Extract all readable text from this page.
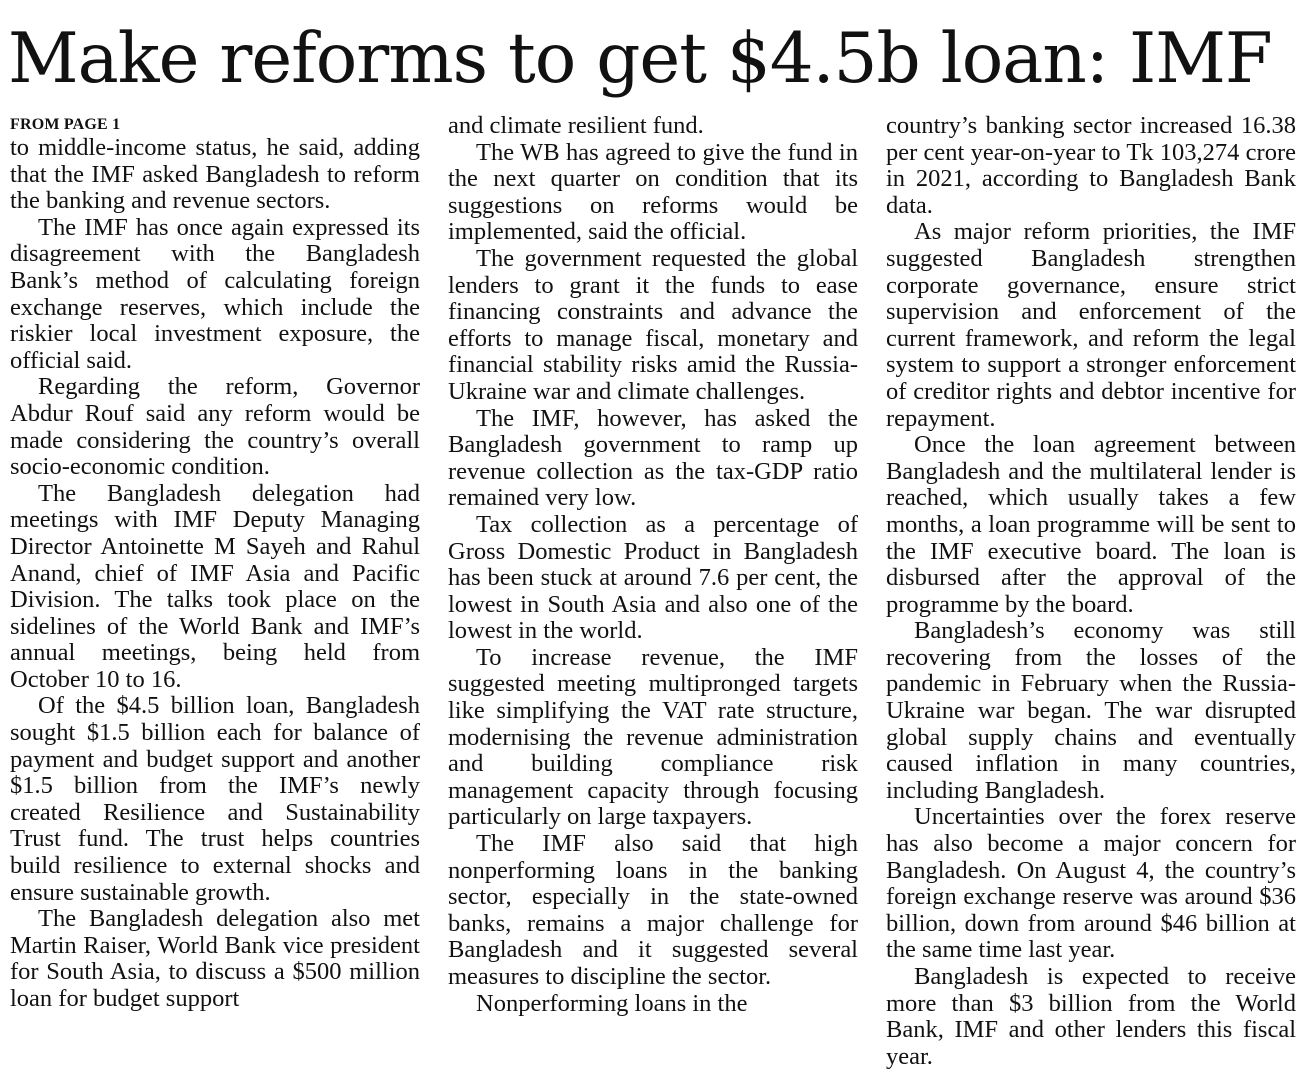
Make reforms to get $4.5b loan: IMF
FROM PAGE 1

to middle-income status, he said, adding that the IMF asked Bangladesh to reform the banking and revenue sectors.

The IMF has once again expressed its disagreement with the Bangladesh Bank’s method of calculating foreign exchange reserves, which include the riskier local investment exposure, the official said.

Regarding the reform, Governor Abdur Rouf said any reform would be made considering the country’s overall socio-economic condition.

The Bangladesh delegation had meetings with IMF Deputy Managing Director Antoinette M Sayeh and Rahul Anand, chief of IMF Asia and Pacific Division. The talks took place on the sidelines of the World Bank and IMF’s annual meetings, being held from October 10 to 16.

Of the $4.5 billion loan, Bangladesh sought $1.5 billion each for balance of payment and budget support and another $1.5 billion from the IMF’s newly created Resilience and Sustainability Trust fund. The trust helps countries build resilience to external shocks and ensure sustainable growth.

The Bangladesh delegation also met Martin Raiser, World Bank vice president for South Asia, to discuss a $500 million loan for budget support

and climate resilient fund.

The WB has agreed to give the fund in the next quarter on condition that its suggestions on reforms would be implemented, said the official.

The government requested the global lenders to grant it the funds to ease financing constraints and advance the efforts to manage fiscal, monetary and financial stability risks amid the Russia-Ukraine war and climate challenges.

The IMF, however, has asked the Bangladesh government to ramp up revenue collection as the tax-GDP ratio remained very low.

Tax collection as a percentage of Gross Domestic Product in Bangladesh has been stuck at around 7.6 per cent, the lowest in South Asia and also one of the lowest in the world.

To increase revenue, the IMF suggested meeting multipronged targets like simplifying the VAT rate structure, modernising the revenue administration and building compliance risk management capacity through focusing particularly on large taxpayers.

The IMF also said that high nonperforming loans in the banking sector, especially in the state-owned banks, remains a major challenge for Bangladesh and it suggested several measures to discipline the sector.

Nonperforming loans in the

country’s banking sector increased 16.38 per cent year-on-year to Tk 103,274 crore in 2021, according to Bangladesh Bank data.

As major reform priorities, the IMF suggested Bangladesh strengthen corporate governance, ensure strict supervision and enforcement of the current framework, and reform the legal system to support a stronger enforcement of creditor rights and debtor incentive for repayment.

Once the loan agreement between Bangladesh and the multilateral lender is reached, which usually takes a few months, a loan programme will be sent to the IMF executive board. The loan is disbursed after the approval of the programme by the board.

Bangladesh’s economy was still recovering from the losses of the pandemic in February when the Russia-Ukraine war began. The war disrupted global supply chains and eventually caused inflation in many countries, including Bangladesh.

Uncertainties over the forex reserve has also become a major concern for Bangladesh. On August 4, the country’s foreign exchange reserve was around $36 billion, down from around $46 billion at the same time last year.

Bangladesh is expected to receive more than $3 billion from the World Bank, IMF and other lenders this fiscal year.
